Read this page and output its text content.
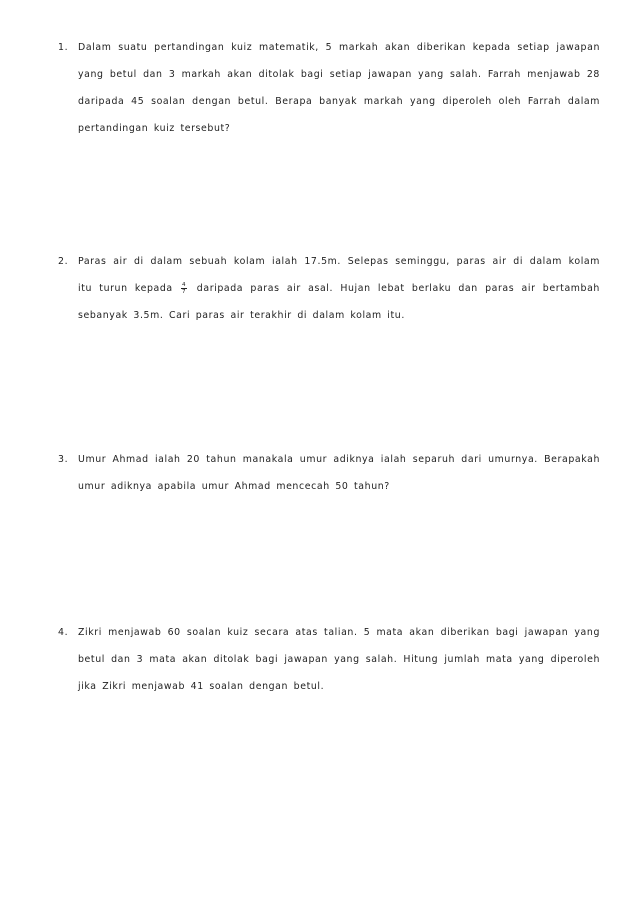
1.	Dalam suatu pertandingan kuiz matematik, 5 markah akan diberikan kepada setiap jawapan yang betul dan 3 markah akan ditolak bagi setiap jawapan yang salah. Farrah menjawab 28 daripada 45 soalan dengan betul. Berapa banyak markah yang diperoleh oleh Farrah dalam pertandingan kuiz tersebut?
2.	Paras air di dalam sebuah kolam ialah 17.5m. Selepas seminggu, paras air di dalam kolam itu turun kepada $\frac{4}{7}$ daripada paras air asal. Hujan lebat berlaku dan paras air bertambah sebanyak 3.5m. Cari paras air terakhir di dalam kolam itu.
3.	Umur Ahmad ialah 20 tahun manakala umur adiknya ialah separuh dari umurnya. Berapakah umur adiknya apabila umur Ahmad mencecah 50 tahun?
4.	Zikri menjawab 60 soalan kuiz secara atas talian. 5 mata akan diberikan bagi jawapan yang betul dan 3 mata akan ditolak bagi jawapan yang salah. Hitung jumlah mata yang diperoleh jika Zikri menjawab 41 soalan dengan betul.
